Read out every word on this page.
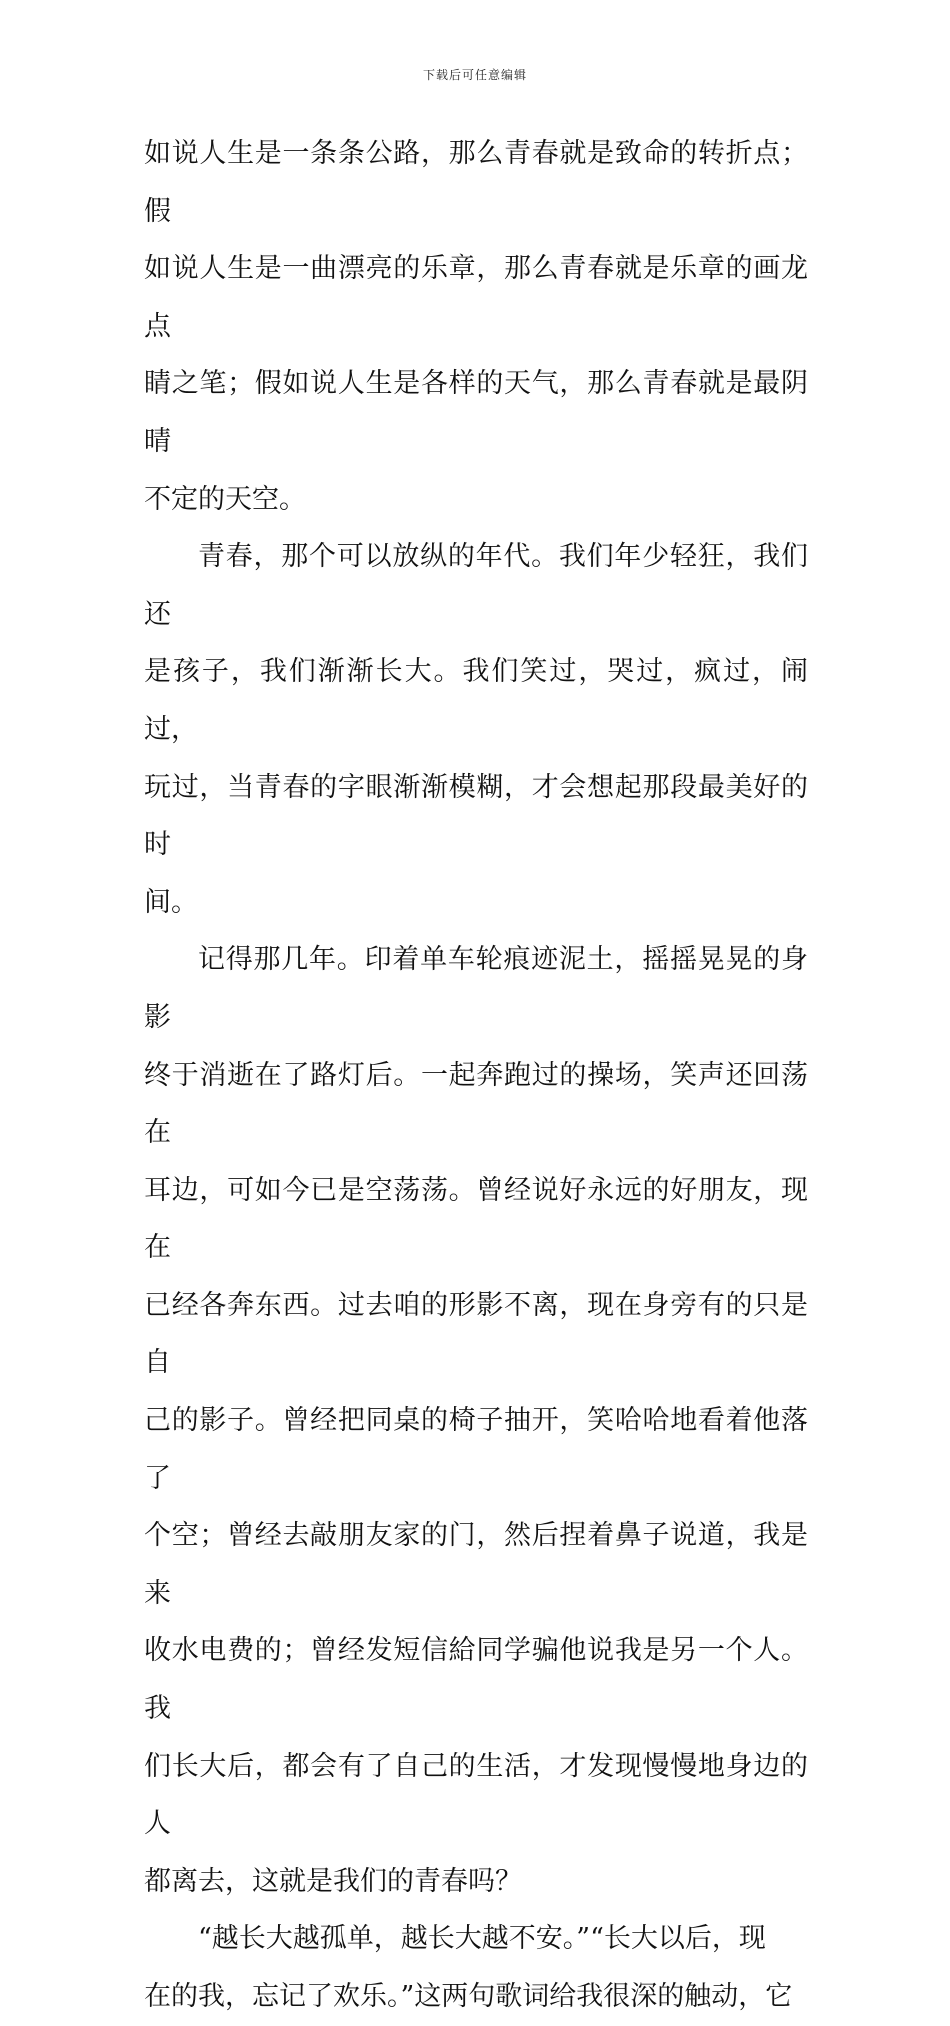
下载后可任意编辑
如说人生是一条条公路，那么青春就是致命的转折点；假
如说人生是一曲漂亮的乐章，那么青春就是乐章的画龙点
睛之笔；假如说人生是各样的天气，那么青春就是最阴晴
不定的天空。
青春，那个可以放纵的年代。我们年少轻狂，我们还
是孩子，我们渐渐长大。我们笑过，哭过，疯过，闹过，
玩过，当青春的字眼渐渐模糊，才会想起那段最美好的时
间。
记得那几年。印着单车轮痕迹泥土，摇摇晃晃的身影
终于消逝在了路灯后。一起奔跑过的操场，笑声还回荡在
耳边，可如今已是空荡荡。曾经说好永远的好朋友，现在
已经各奔东西。过去咱的形影不离，现在身旁有的只是自
己的影子。曾经把同桌的椅子抽开，笑哈哈地看着他落了
个空；曾经去敲朋友家的门，然后捏着鼻子说道，我是来
收水电费的；曾经发短信給同学骗他说我是另一个人。我
们长大后，都会有了自己的生活，才发现慢慢地身边的人
都离去，这就是我们的青春吗？
“越长大越孤单，越长大越不安。”“长大以后，现
在的我，忘记了欢乐。”这两句歌词给我很深的触动，它
